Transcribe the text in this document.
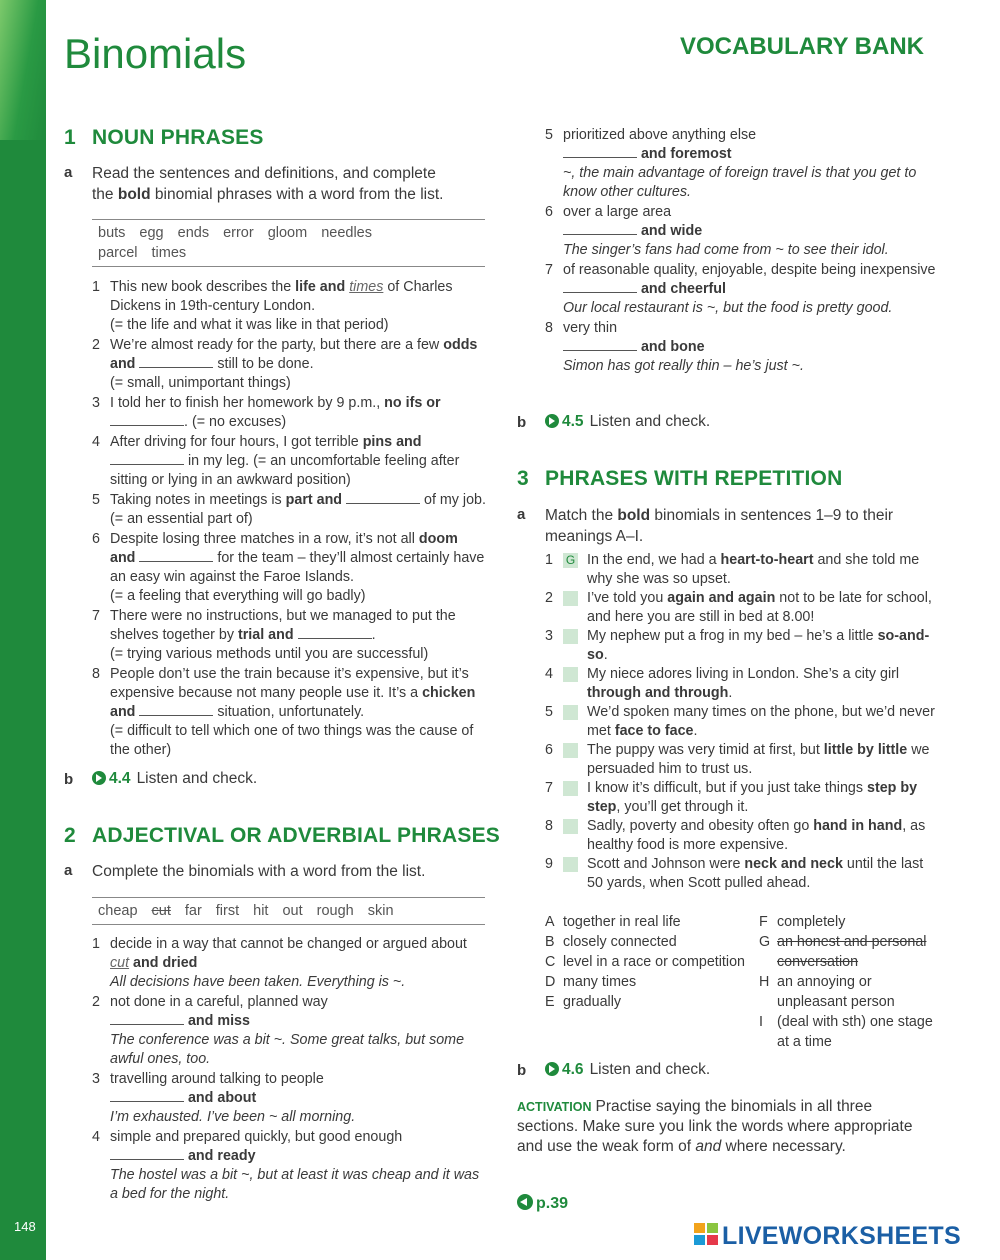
148
Binomials	VOCABULARY BANK
1 NOUN PHRASES
a Read the sentences and definitions, and complete
the bold binomial phrases with a word from the list.
buts egg ends error gloom needles
parcel times
1 This new book describes the life and times of Charles Dickens in 19th-century London.
(= the life and what it was like in that period)
2 We’re almost ready for the party, but there are a few odds and	still to be done.
(= small, unimportant things)
3 I told her to finish her homework by 9 p.m., no ifs or . (= no excuses)
4 After driving for four hours, I got terrible pins and  in my leg. (= an uncomfortable feeling after sitting or lying in an awkward position)
5 Taking notes in meetings is part and	of my job. (= an essential part of)
6 Despite losing three matches in a row, it’s not all doom and	for the team – they’ll almost certainly have an easy win against the Faroe Islands.
(= a feeling that everything will go badly)
7 There were no instructions, but we managed to put the shelves together by trial and	.
(= trying various methods until you are successful)
8 People don’t use the train because it’s expensive, but it’s expensive because not many people use it. It’s a chicken and	situation, unfortunately.
(= difficult to tell which one of two things was the cause of the other)
b	4.4 Listen and check.
2 ADJECTIVAL OR ADVERBIAL PHRASES
a Complete the binomials with a word from the list.
cheap cut far first hit out rough skin
1 decide in a way that cannot be changed or argued about
cut and dried
All decisions have been taken. Everything is ~.
2 not done in a careful, planned way
and miss
The conference was a bit ~. Some great talks, but some awful ones, too.
3 travelling around talking to people
and about
I’m exhausted. I’ve been ~ all morning.
4 simple and prepared quickly, but good enough
and ready
The hostel was a bit ~, but at least it was cheap and it was a bed for the night.
5 prioritized above anything else
and foremost
~, the main advantage of foreign travel is that you get to know other cultures.
6 over a large area
and wide
The singer’s fans had come from ~ to see their idol.
7 of reasonable quality, enjoyable, despite being inexpensive
and cheerful
Our local restaurant is ~, but the food is pretty good.
8 very thin
and bone
Simon has got really thin – he’s just ~.
b	4.5 Listen and check.
3 PHRASES WITH REPETITION
a Match the bold binomials in sentences 1–9 to their meanings A–I.
1 G In the end, we had a heart-to-heart and she told me why she was so upset.
2 I’ve told you again and again not to be late for school, and here you are still in bed at 8.00!
3 My nephew put a frog in my bed – he’s a little so-and-so.
4 My niece adores living in London. She’s a city girl through and through.
5 We’d spoken many times on the phone, but we’d never met face to face.
6 The puppy was very timid at first, but little by little we persuaded him to trust us.
7 I know it’s difficult, but if you just take things step by step, you’ll get through it.
8 Sadly, poverty and obesity often go hand in hand, as healthy food is more expensive.
9 Scott and Johnson were neck and neck until the last 50 yards, when Scott pulled ahead.
A together in real life
B closely connected
C level in a race or competition
D many times
E gradually
F completely
G an honest and personal conversation
H an annoying or unpleasant person
I (deal with sth) one stage at a time
b	4.6 Listen and check.
ACTIVATION Practise saying the binomials in all three sections. Make sure you link the words where appropriate and use the weak form of and where necessary.
p.39
LIVEWORKSHEETS
